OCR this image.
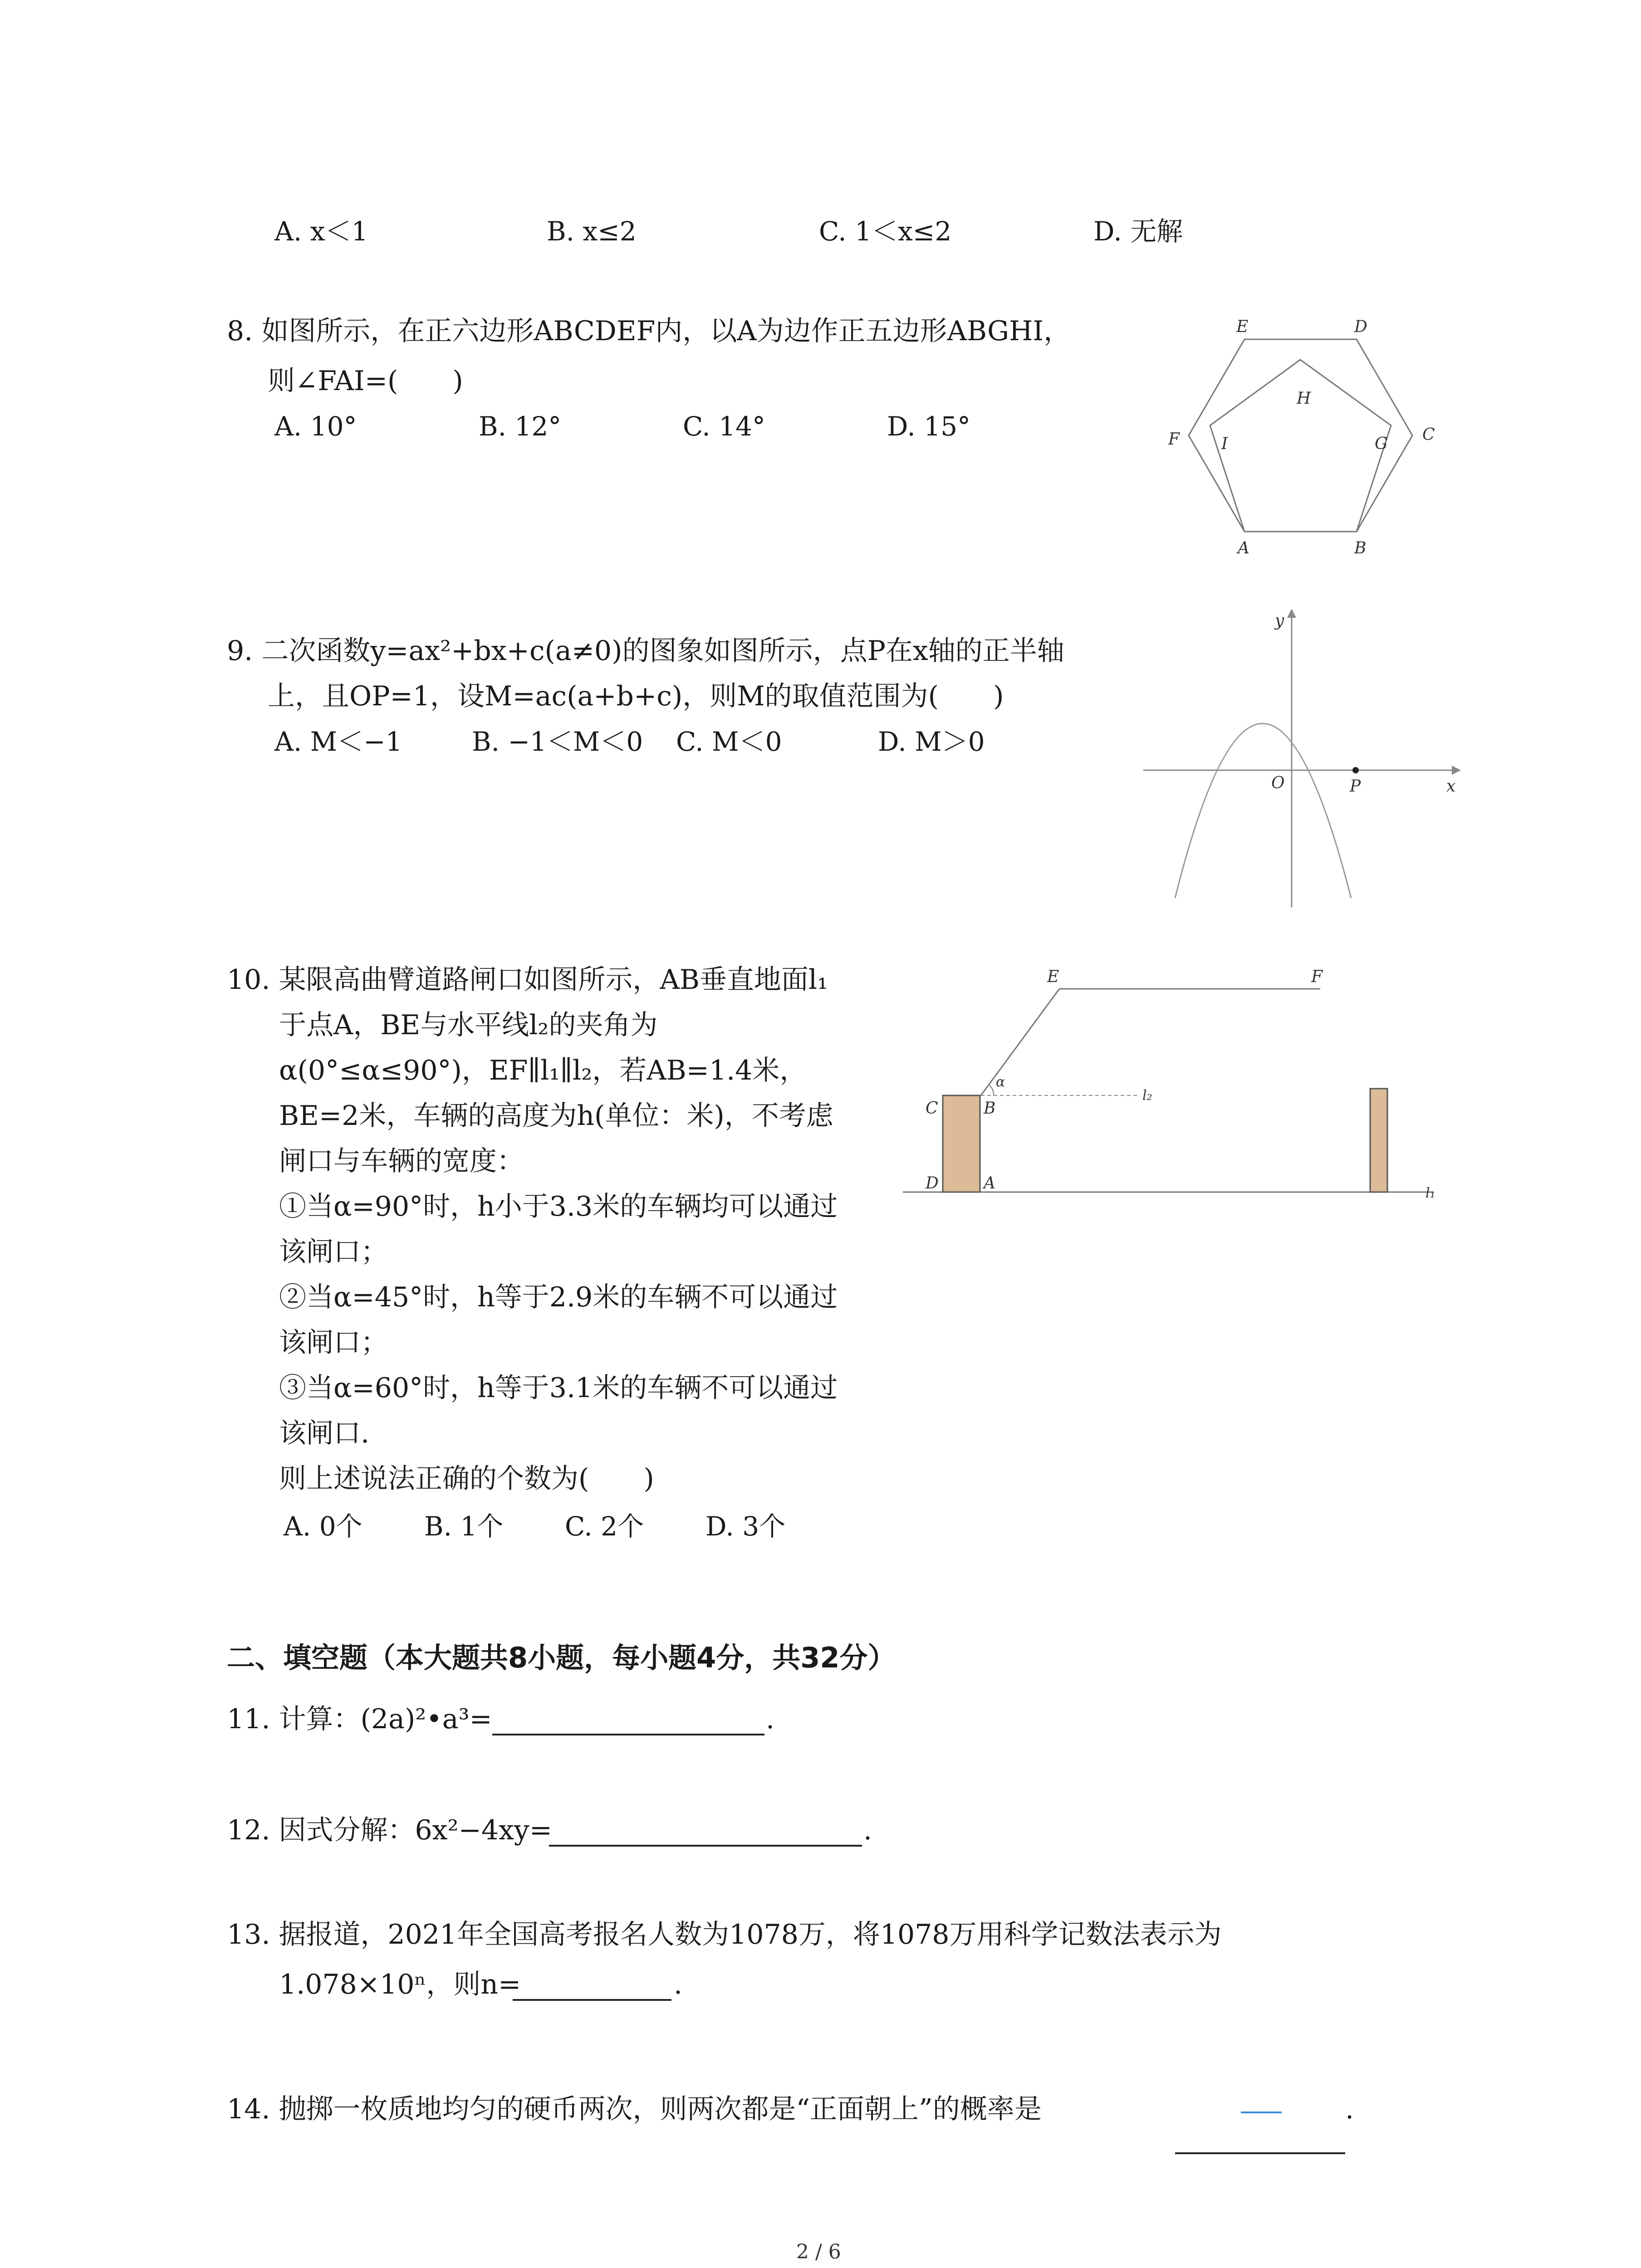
A. x＜1	B. x≤2	C. 1＜x≤2	D. 无解
8. 如图所示，在正六边形ABCDEF内，以A为边作正五边形ABGHI，
则∠FAI=(　　)
A. 10°	B. 12°	C. 14°	D. 15°
E	D
H
F	I	G C
A	B
9. 二次函数y=ax²+bx+c(a≠0)的图象如图所示，点P在x轴的正半轴
上，且OP=1，设M=ac(a+b+c)，则M的取值范围为(　　)
A. M＜−1	B. −1＜M＜0 C. M＜0	D. M＞0
y
x
O	P
10. 某限高曲臂道路闸口如图所示，AB垂直地面l₁
于点A，BE与水平线l₂的夹角为
α(0°≤α≤90°)，EF∥l₁∥l₂，若AB=1.4米，
BE=2米，车辆的高度为h(单位：米)，不考虑
闸口与车辆的宽度：
①当α=90°时，h小于3.3米的车辆均可以通过
该闸口；
②当α=45°时，h等于2.9米的车辆不可以通过
该闸口；
③当α=60°时，h等于3.1米的车辆不可以通过
该闸口.
则上述说法正确的个数为(　　)
A. 0个 B. 1个 C. 2个 D. 3个
E	F
α
C	B
l₂
D	A
l₁
二、填空题（本大题共8小题，每小题4分，共32分）
11. 计算：(2a)²•a³=	.
12. 因式分解：6x²−4xy=	.
13. 据报道，2021年全国高考报名人数为1078万，将1078万用科学记数法表示为
1.078×10ⁿ，则n=	.
14. 抛掷一枚质地均匀的硬币两次，则两次都是“正面朝上”的概率是	.
2 / 6
